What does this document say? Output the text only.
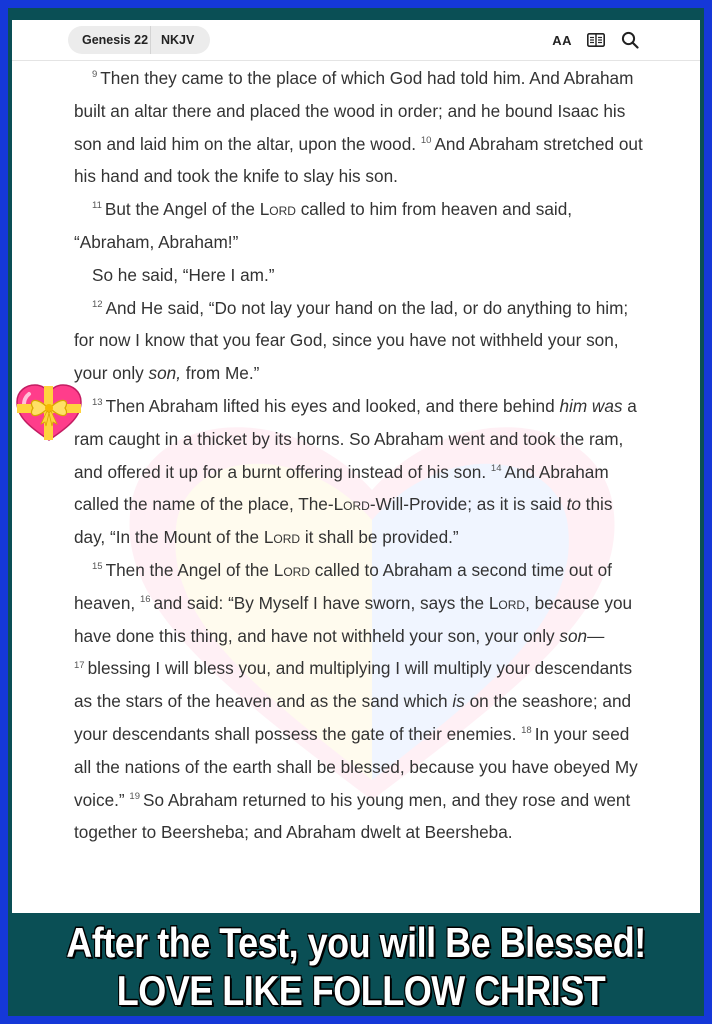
Genesis 22	NKJV	AA

$^9$ Then they came to the place of which God had told him. And Abraham built an altar there and placed the wood in order; and he bound Isaac his son and laid him on the altar, upon the wood. $^{10}$ And Abraham stretched out his hand and took the knife to slay his son.

$^{11}$ But the Angel of the Lord called to him from heaven and said, “Abraham, Abraham!”

So he said, “Here I am.”

$^{12}$ And He said, “Do not lay your hand on the lad, or do anything to him; for now I know that you fear God, since you have not withheld your son, your only son, from Me.”

$^{13}$ Then Abraham lifted his eyes and looked, and there behind him was a ram caught in a thicket by its horns. So Abraham went and took the ram, and offered it up for a burnt offering instead of his son. $^{14}$ And Abraham called the name of the place, The-Lord-Will-Provide; as it is said to this day, “In the Mount of the Lord it shall be provided.”

$^{15}$ Then the Angel of the Lord called to Abraham a second time out of heaven, $^{16}$ and said: “By Myself I have sworn, says the Lord, because you have done this thing, and have not withheld your son, your only son—$^{17}$ blessing I will bless you, and multiplying I will multiply your descendants as the stars of the heaven and as the sand which is on the seashore; and your descendants shall possess the gate of their enemies. $^{18}$ In your seed all the nations of the earth shall be blessed, because you have obeyed My voice.” $^{19}$ So Abraham returned to his young men, and they rose and went together to Beersheba; and Abraham dwelt at Beersheba.

After the Test, you will Be Blessed!
LOVE LIKE FOLLOW CHRIST
